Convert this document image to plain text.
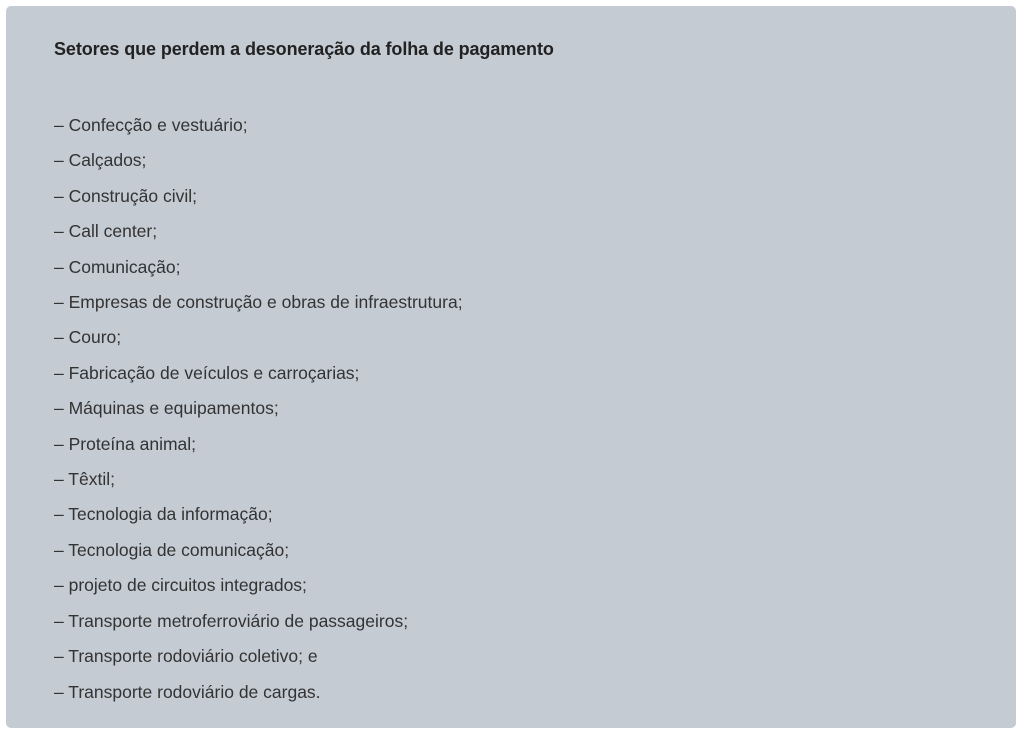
Setores que perdem a desoneração da folha de pagamento
– Confecção e vestuário;
– Calçados;
– Construção civil;
– Call center;
– Comunicação;
– Empresas de construção e obras de infraestrutura;
– Couro;
– Fabricação de veículos e carroçarias;
– Máquinas e equipamentos;
– Proteína animal;
– Têxtil;
– Tecnologia da informação;
– Tecnologia de comunicação;
– projeto de circuitos integrados;
– Transporte metroferroviário de passageiros;
– Transporte rodoviário coletivo; e
– Transporte rodoviário de cargas.
